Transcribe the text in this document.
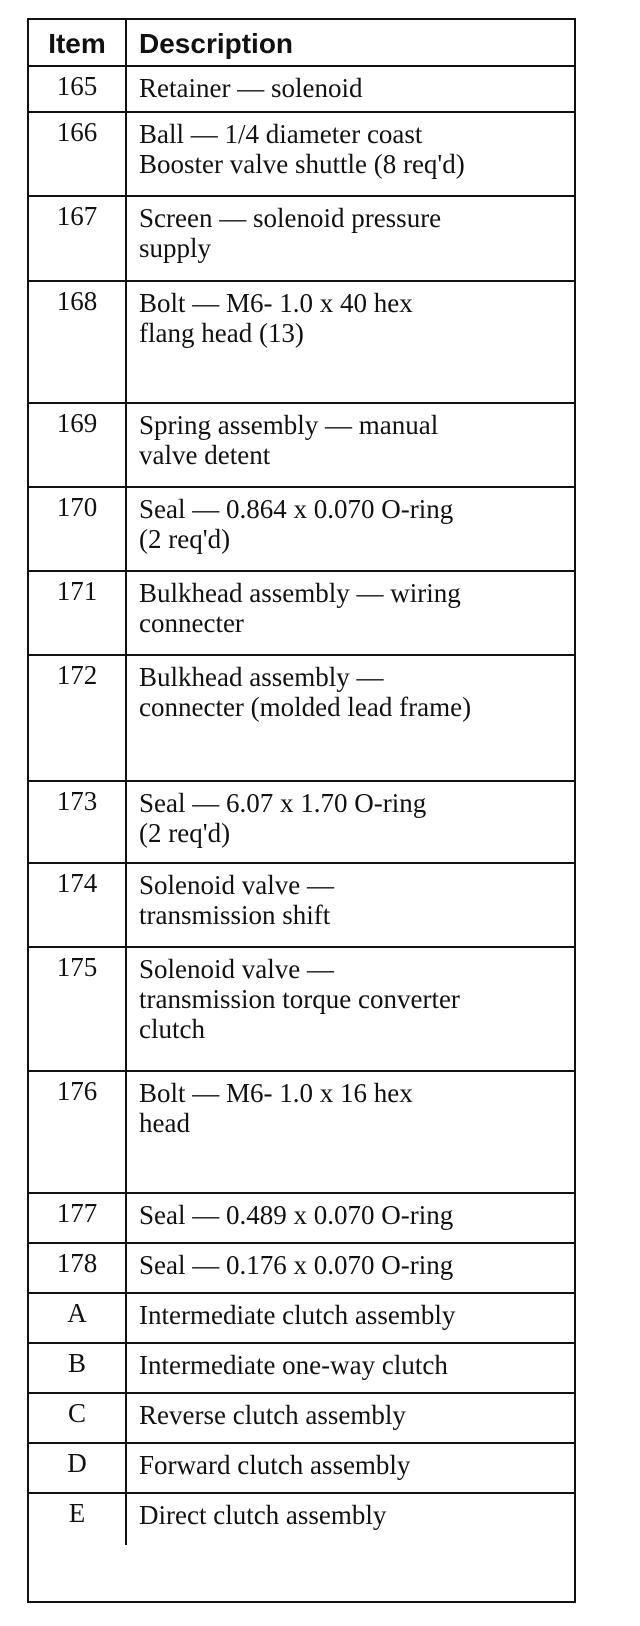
Item	Description
165	Retainer — solenoid
166	Ball — 1/4 diameter coast
Booster valve shuttle (8 req'd)
167	Screen — solenoid pressure
supply
168	Bolt — M6- 1.0 x 40 hex
flang head (13)
169	Spring assembly — manual
valve detent
170	Seal — 0.864 x 0.070 O-ring
(2 req'd)
171	Bulkhead assembly — wiring
connecter
172	Bulkhead assembly —
connecter (molded lead frame)
173	Seal — 6.07 x 1.70 O-ring
(2 req'd)
174	Solenoid valve —
transmission shift
175	Solenoid valve —
transmission torque converter
clutch
176	Bolt — M6- 1.0 x 16 hex
head
177	Seal — 0.489 x 0.070 O-ring
178	Seal — 0.176 x 0.070 O-ring
A	Intermediate clutch assembly
B	Intermediate one-way clutch
C	Reverse clutch assembly
D	Forward clutch assembly
E	Direct clutch assembly
